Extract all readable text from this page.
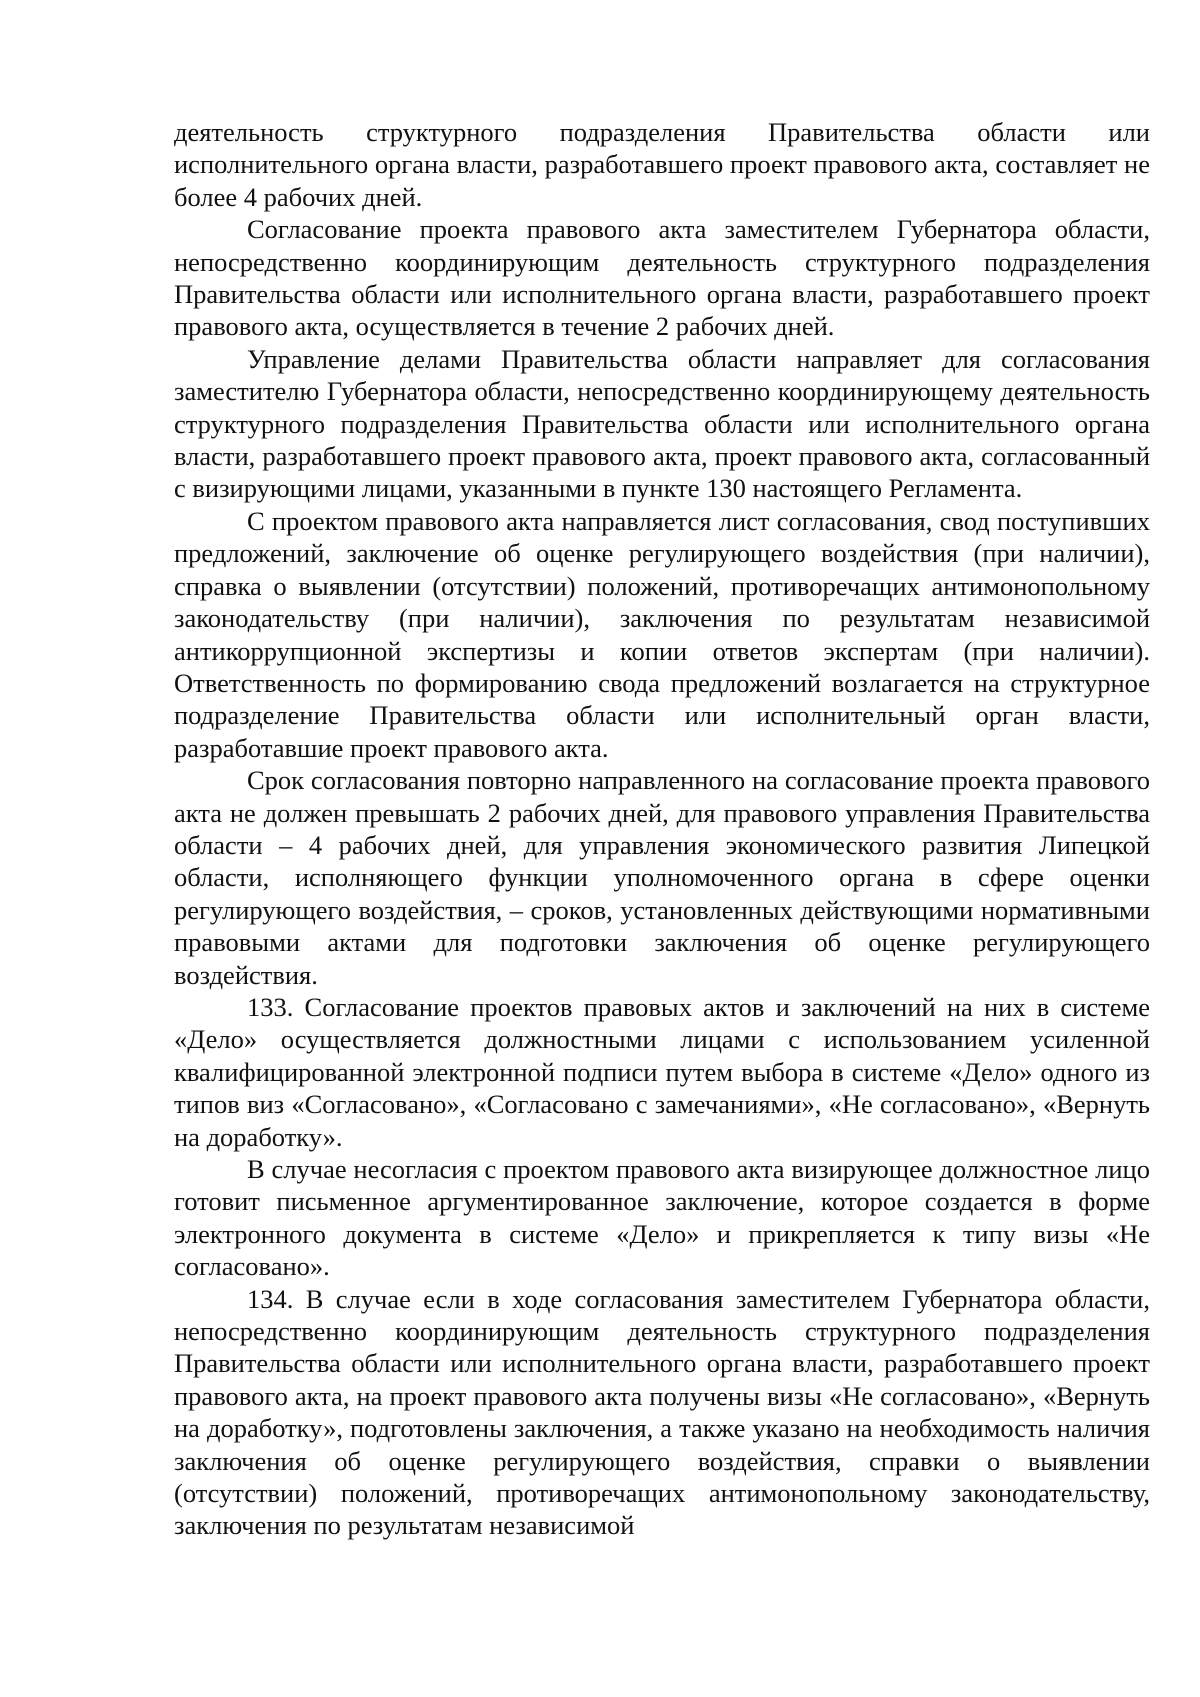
деятельность структурного подразделения Правительства области или исполнительного органа власти, разработавшего проект правового акта, составляет не более 4 рабочих дней.

Согласование проекта правового акта заместителем Губернатора области, непосредственно координирующим деятельность структурного подразделения Правительства области или исполнительного органа власти, разработавшего проект правового акта, осуществляется в течение 2 рабочих дней.

Управление делами Правительства области направляет для согласования заместителю Губернатора области, непосредственно координирующему деятельность структурного подразделения Правительства области или исполнительного органа власти, разработавшего проект правового акта, проект правового акта, согласованный с визирующими лицами, указанными в пункте 130 настоящего Регламента.

С проектом правового акта направляется лист согласования, свод поступивших предложений, заключение об оценке регулирующего воздействия (при наличии), справка о выявлении (отсутствии) положений, противоречащих антимонопольному законодательству (при наличии), заключения по результатам независимой антикоррупционной экспертизы и копии ответов экспертам (при наличии). Ответственность по формированию свода предложений возлагается на структурное подразделение Правительства области или исполнительный орган власти, разработавшие проект правового акта.

Срок согласования повторно направленного на согласование проекта правового акта не должен превышать 2 рабочих дней, для правового управления Правительства области – 4 рабочих дней, для управления экономического развития Липецкой области, исполняющего функции уполномоченного органа в сфере оценки регулирующего воздействия, – сроков, установленных действующими нормативными правовыми актами для подготовки заключения об оценке регулирующего воздействия.

133. Согласование проектов правовых актов и заключений на них в системе «Дело» осуществляется должностными лицами с использованием усиленной квалифицированной электронной подписи путем выбора в системе «Дело» одного из типов виз «Согласовано», «Согласовано с замечаниями», «Не согласовано», «Вернуть на доработку».

В случае несогласия с проектом правового акта визирующее должностное лицо готовит письменное аргументированное заключение, которое создается в форме электронного документа в системе «Дело» и прикрепляется к типу визы «Не согласовано».

134. В случае если в ходе согласования заместителем Губернатора области, непосредственно координирующим деятельность структурного подразделения Правительства области или исполнительного органа власти, разработавшего проект правового акта, на проект правового акта получены визы «Не согласовано», «Вернуть на доработку», подготовлены заключения, а также указано на необходимость наличия заключения об оценке регулирующего воздействия, справки о выявлении (отсутствии) положений, противоречащих антимонопольному законодательству, заключения по результатам независимой
